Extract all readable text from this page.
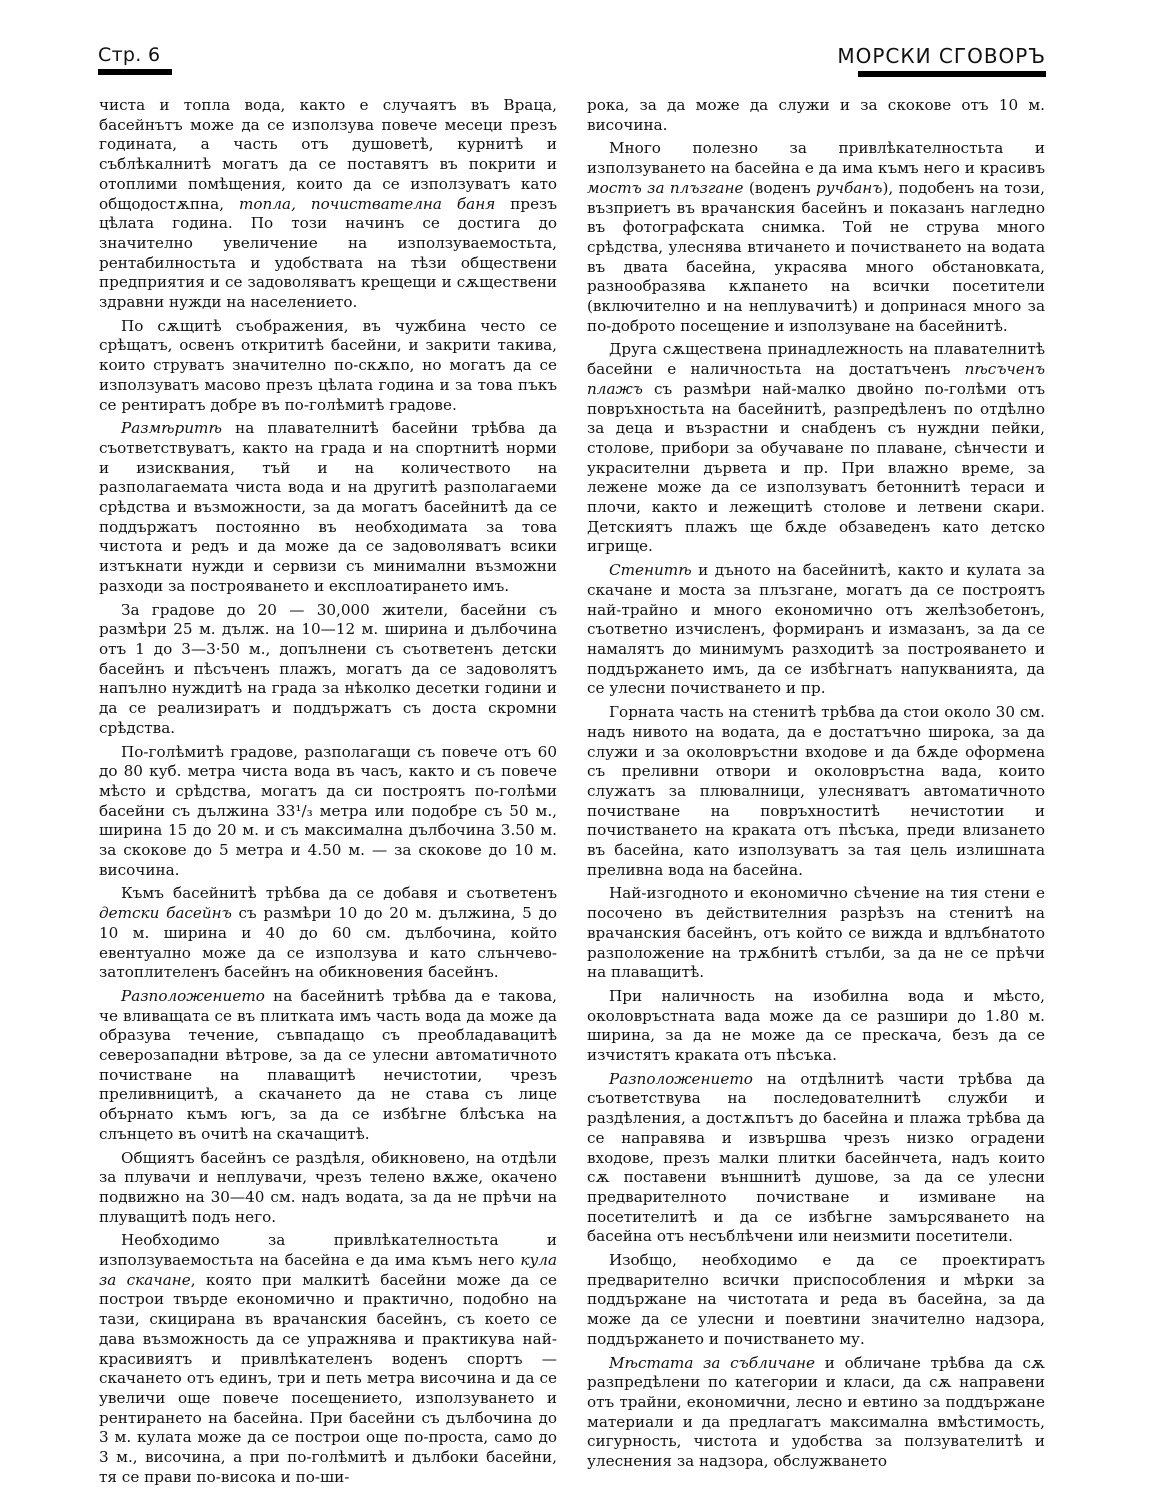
Стр. 6	МОРСКИ СГОВОРЪ

чиста и топла вода, както е случаятъ въ Враца, басейнътъ може да се използува повече месеци презъ годината, а часть отъ душоветѣ, курнитѣ и съблѣкалнитѣ могатъ да се поставятъ въ покрити и отоплими помѣщения, които да се използуватъ като общодостѫпна, топла, почиствателна баня презъ цѣлата година. По този начинъ се достига до значително увеличение на използуваемостьта, рентабилностьта и удобствата на тѣзи обществени предприятия и се задоволяватъ крещещи и сѫществени здравни нужди на населението.

По сѫщитѣ съображения, въ чужбина често се срѣщатъ, освенъ открититѣ басейни, и закрити такива, които струватъ значително по-скѫпо, но могатъ да се използуватъ масово презъ цѣлата година и за това пъкъ се рентиратъ добре въ по-голѣмитѣ градове.

Размѣритѣ на плавателнитѣ басейни трѣбва да съответствуватъ, както на града и на спортнитѣ норми и изисквания, тъй и на количеството на разполагаемата чиста вода и на другитѣ разполагаеми срѣдства и възможности, за да могатъ басейнитѣ да се поддържатъ постоянно въ необходимата за това чистота и редъ и да може да се задоволяватъ всики изтъкнати нужди и сервизи съ минимални възможни разходи за построяването и експлоатирането имъ.

За градове до 20 — 30,000 жители, басейни съ размѣри 25 м. дълж. на 10—12 м. ширина и дълбочина отъ 1 до 3—3·50 м., допълнени съ съответенъ детски басейнъ и пѣсъченъ плажъ, могатъ да се задоволятъ напълно нуждитѣ на града за нѣколко десетки години и да се реализиратъ и поддържатъ съ доста скромни срѣдства.

По-голѣмитѣ градове, разполагащи съ повече отъ 60 до 80 куб. метра чиста вода въ часъ, както и съ повече мѣсто и срѣдства, могатъ да си построятъ по-голѣми басейни съ дължина 33¹/₃ метра или подобре съ 50 м., ширина 15 до 20 м. и съ максимална дълбочина 3.50 м. за скокове до 5 метра и 4.50 м. — за скокове до 10 м. височина.

Къмъ басейнитѣ трѣбва да се добавя и съответенъ детски басейнъ съ размѣри 10 до 20 м. дължина, 5 до 10 м. ширина и 40 до 60 см. дълбочина, който евентуално може да се използува и като слънчево-затоплителенъ басейнъ на обикновения басейнъ.

Разположението на басейнитѣ трѣбва да е такова, че вливащата се въ плитката имъ часть вода да може да образува течение, съвпадащо съ преобладавацитѣ северозападни вѣтрове, за да се улесни автоматичното почистване на плаващитѣ нечистотии, чрезъ преливницитѣ, а скачането да не става съ лице обърнато къмъ югъ, за да се избѣгне блѣсъка на слънцето въ очитѣ на скачащитѣ.

Общиятъ басейнъ се раздѣля, обикновено, на отдѣли за плувачи и неплувачи, чрезъ телено вѫже, окачено подвижно на 30—40 см. надъ водата, за да не прѣчи на плуващитѣ подъ него.

Необходимо за привлѣкателностьта и използуваемостьта на басейна е да има къмъ него кула за скачане, която при малкитѣ басейни може да се построи твърде економично и практично, подобно на тази, скицирана въ врачанския басейнъ, съ което се дава възможность да се упражнява и практикува най-красивиятъ и привлѣкателенъ воденъ спортъ — скачането отъ единъ, три и петь метра височина и да се увеличи още повече посещението, използуването и рентирането на басейна. При басейни съ дълбочина до 3 м. кулата може да се построи още по-проста, само до 3 м., височина, а при по-голѣмитѣ и дълбоки басейни, тя се прави по-висока и по-ши-

рока, за да може да служи и за скокове отъ 10 м. височина.

Много полезно за привлѣкателностьта и използуването на басейна е да има къмъ него и красивъ мостъ за плъзгане (воденъ ручбанъ), подобенъ на този, възприетъ въ врачанския басейнъ и показанъ нагледно въ фотографската снимка. Той не струва много срѣдства, улеснява втичането и почистването на водата въ двата басейна, украсява много обстановката, разнообразява кѫпането на всички посетители (включително и на неплувачитѣ) и допринася много за по-доброто посещение и използуване на басейнитѣ.

Друга сѫществена принадлежность на плавателнитѣ басейни е наличностьта на достатъченъ пѣсъченъ плажъ съ размѣри най-малко двойно по-голѣми отъ повръхностьта на басейнитѣ, разпредѣленъ по отдѣлно за деца и възрастни и снабденъ съ нуждни пейки, столове, прибори за обучаване по плаване, сѣнчести и украсителни дървета и пр. При влажно време, за лежене може да се използуватъ бетоннитѣ тераси и плочи, както и лежещитѣ столове и летвени скари. Детскиятъ плажъ ще бѫде обзаведенъ като детско игрище.

Стенитѣ и дъното на басейнитѣ, както и кулата за скачане и моста за плъзгане, могатъ да се построятъ най-трайно и много економично отъ желѣзобетонъ, съответно изчисленъ, формиранъ и измазанъ, за да се намалятъ до минимумъ разходитѣ за построяването и поддържането имъ, да се избѣгнатъ напукванията, да се улесни почистването и пр.

Горната часть на стенитѣ трѣбва да стои около 30 см. надъ нивото на водата, да е достатъчно широка, за да служи и за околовръстни входове и да бѫде оформена съ преливни отвори и околовръстна вада, които служатъ за плювалници, улесняватъ автоматичното почистване на повръхноститѣ нечистотии и почистването на краката отъ пѣсъка, преди влизането въ басейна, като използуватъ за тая цель излишната преливна вода на басейна.

Най-изгодното и економично сѣчение на тия стени е посочено въ действителния разрѣзъ на стенитѣ на врачанския басейнъ, отъ който се вижда и вдлъбнатото разположение на трѫбнитѣ стълби, за да не се прѣчи на плаващитѣ.

При наличность на изобилна вода и мѣсто, околовръстната вада може да се разшири до 1.80 м. ширина, за да не може да се прескача, безъ да се изчистятъ краката отъ пѣсъка.

Разположението на отдѣлнитѣ части трѣбва да съответствува на последователнитѣ служби и раздѣления, а достѫпътъ до басейна и плажа трѣбва да се направява и извършва чрезъ низко оградени входове, презъ малки плитки басейнчета, надъ които сѫ поставени външнитѣ душове, за да се улесни предварителното почистване и измиване на посетителитѣ и да се избѣгне замърсяването на басейна отъ несъблѣчени или неизмити посетители.

Изобщо, необходимо е да се проектиратъ предварително всички приспособления и мѣрки за поддържане на чистотата и реда въ басейна, за да може да се улесни и поевтини значително надзора, поддържането и почистването му.

Мѣстата за събличане и обличане трѣбва да сѫ разпредѣлени по категории и класи, да сѫ направени отъ трайни, економични, лесно и евтино за поддържане материали и да предлагатъ максимална вмѣстимость, сигурность, чистота и удобства за ползувателитѣ и улеснения за надзора, обслужването
